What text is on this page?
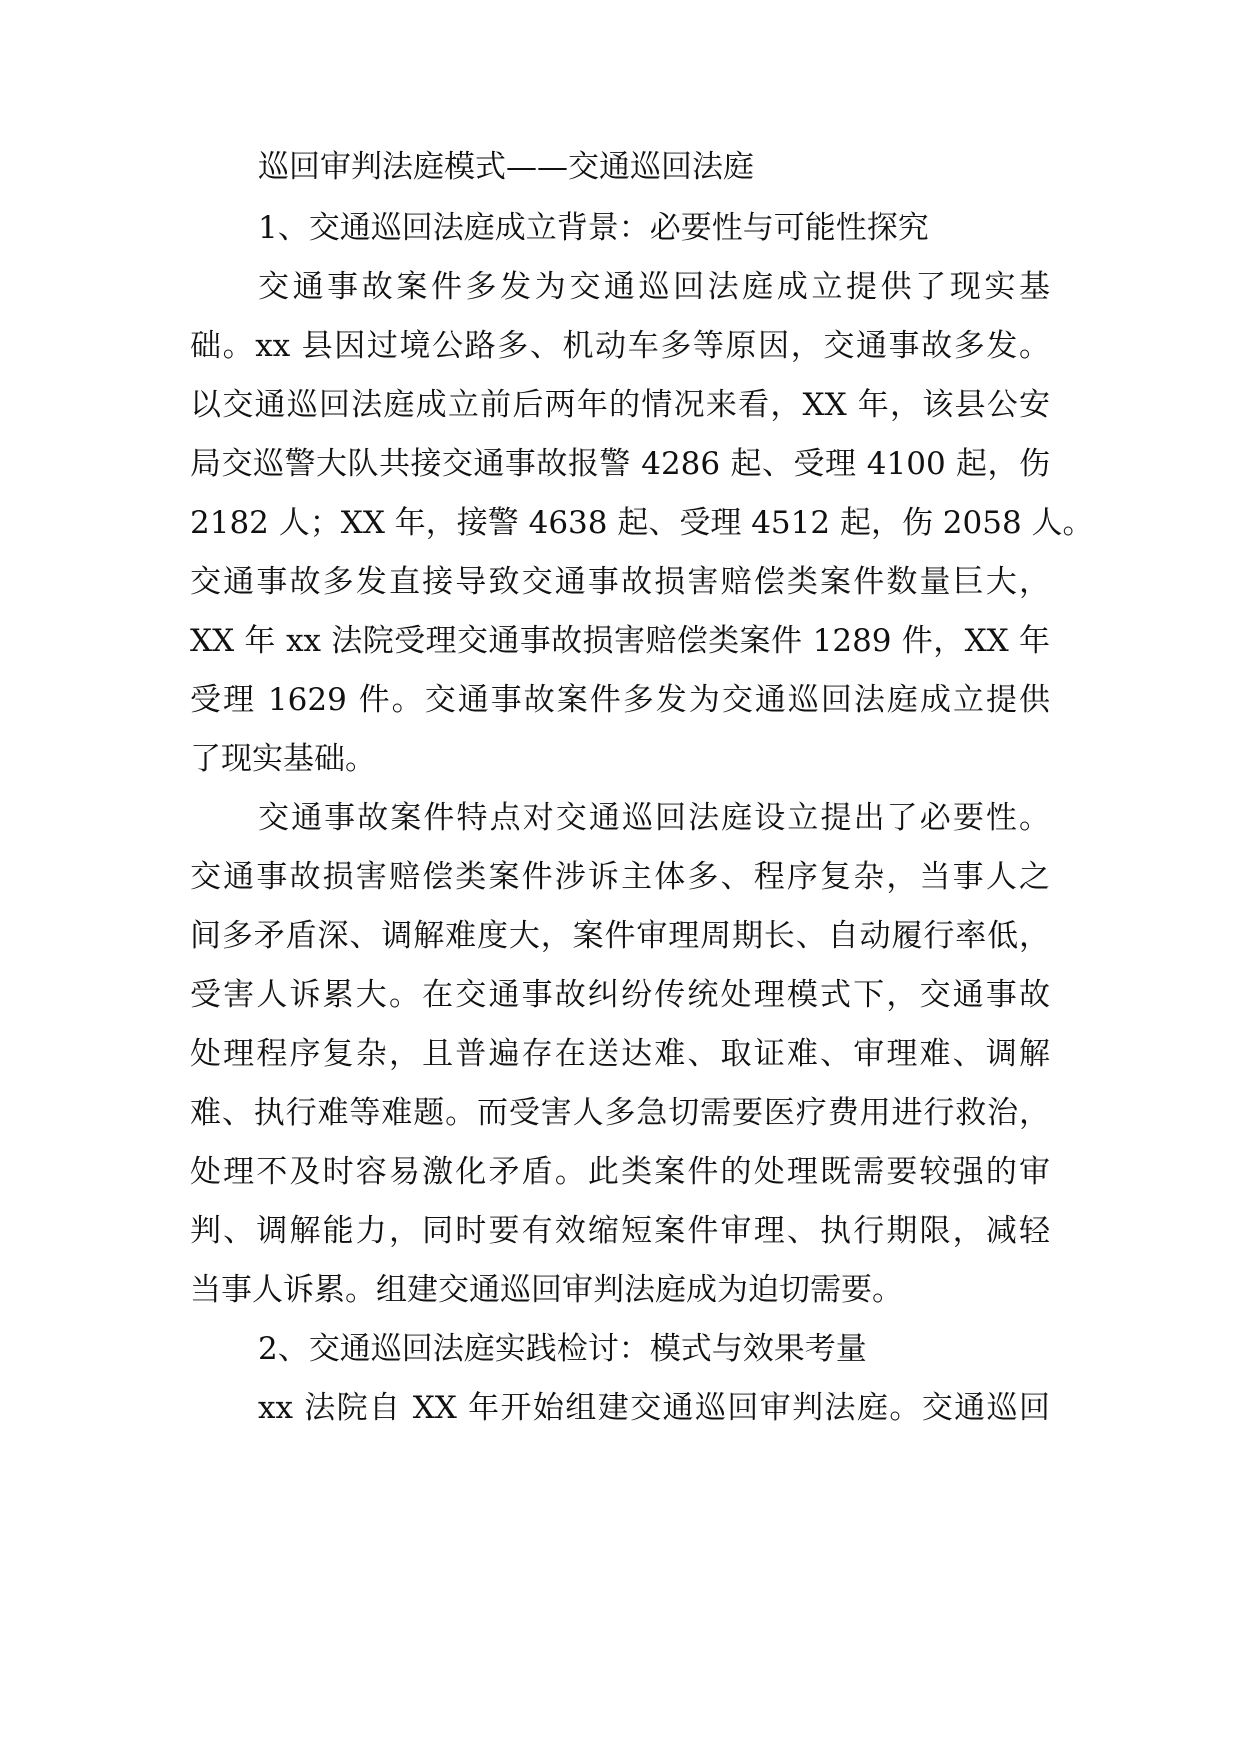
巡回审判法庭模式——交通巡回法庭
1、交通巡回法庭成立背景：必要性与可能性探究
交通事故案件多发为交通巡回法庭成立提供了现实基
础。xx 县因过境公路多、机动车多等原因，交通事故多发。
以交通巡回法庭成立前后两年的情况来看，XX 年，该县公安
局交巡警大队共接交通事故报警 4286 起、受理 4100 起，伤
2182 人；XX 年，接警 4638 起、受理 4512 起，伤 2058 人。
交通事故多发直接导致交通事故损害赔偿类案件数量巨大，
XX 年 xx 法院受理交通事故损害赔偿类案件 1289 件，XX 年
受理 1629 件。交通事故案件多发为交通巡回法庭成立提供
了现实基础。
交通事故案件特点对交通巡回法庭设立提出了必要性。
交通事故损害赔偿类案件涉诉主体多、程序复杂，当事人之
间多矛盾深、调解难度大，案件审理周期长、自动履行率低，
受害人诉累大。在交通事故纠纷传统处理模式下，交通事故
处理程序复杂，且普遍存在送达难、取证难、审理难、调解
难、执行难等难题。而受害人多急切需要医疗费用进行救治，
处理不及时容易激化矛盾。此类案件的处理既需要较强的审
判、调解能力，同时要有效缩短案件审理、执行期限，减轻
当事人诉累。组建交通巡回审判法庭成为迫切需要。
2、交通巡回法庭实践检讨：模式与效果考量
xx 法院自 XX 年开始组建交通巡回审判法庭。交通巡回
